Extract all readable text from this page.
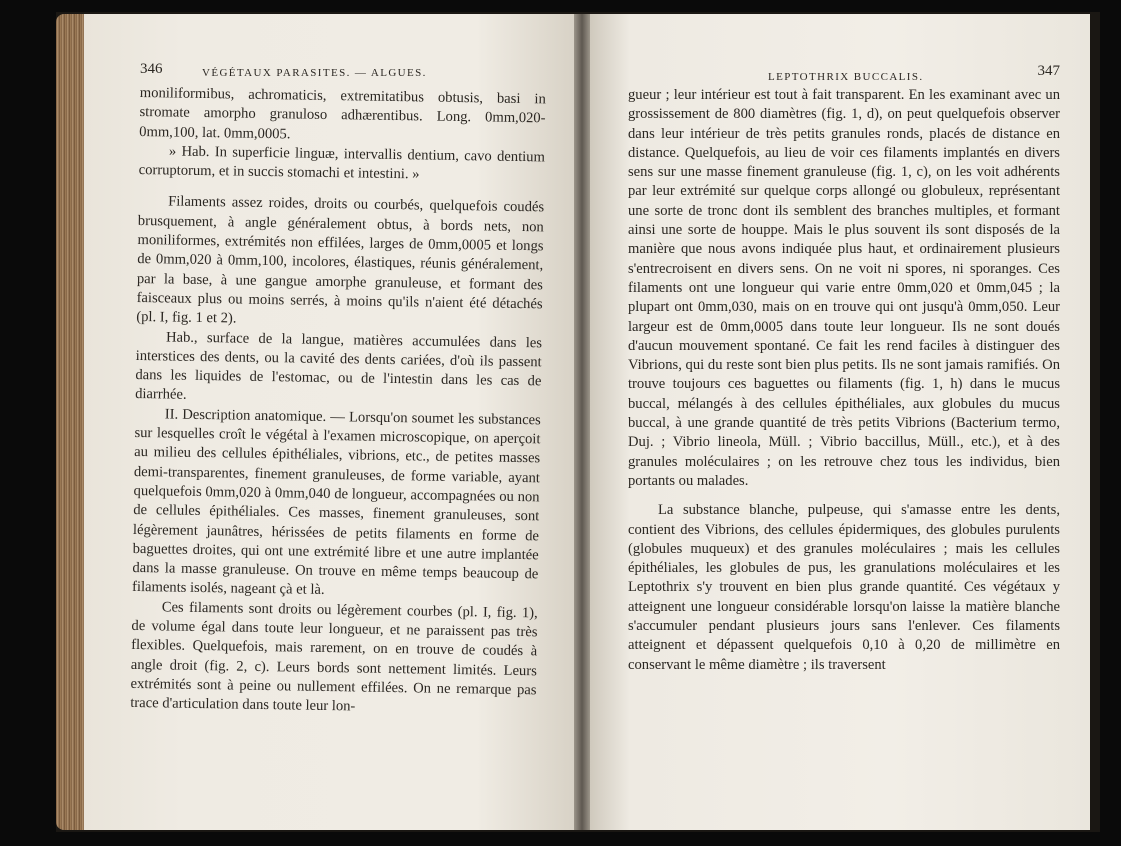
346	VÉGÉTAUX PARASITES. — ALGUES.

moniliformibus, achromaticis, extremitatibus obtusis, basi in stromate amorpho granuloso adhærentibus. Long. 0mm,020-0mm,100, lat. 0mm,0005.

» Hab. In superficie linguæ, intervallis dentium, cavo dentium corruptorum, et in succis stomachi et intestini. »

Filaments assez roides, droits ou courbés, quelquefois coudés brusquement, à angle généralement obtus, à bords nets, non moniliformes, extrémités non effilées, larges de 0mm,0005 et longs de 0mm,020 à 0mm,100, incolores, élastiques, réunis généralement, par la base, à une gangue amorphe granuleuse, et formant des faisceaux plus ou moins serrés, à moins qu'ils n'aient été détachés (pl. I, fig. 1 et 2).

Hab., surface de la langue, matières accumulées dans les interstices des dents, ou la cavité des dents cariées, d'où ils passent dans les liquides de l'estomac, ou de l'intestin dans les cas de diarrhée.

II. Description anatomique. — Lorsqu'on soumet les substances sur lesquelles croît le végétal à l'examen microscopique, on aperçoit au milieu des cellules épithéliales, vibrions, etc., de petites masses demi-transparentes, finement granuleuses, de forme variable, ayant quelquefois 0mm,020 à 0mm,040 de longueur, accompagnées ou non de cellules épithéliales. Ces masses, finement granuleuses, sont légèrement jaunâtres, hérissées de petits filaments en forme de baguettes droites, qui ont une extrémité libre et une autre implantée dans la masse granuleuse. On trouve en même temps beaucoup de filaments isolés, nageant çà et là.

Ces filaments sont droits ou légèrement courbes (pl. I, fig. 1), de volume égal dans toute leur longueur, et ne paraissent pas très flexibles. Quelquefois, mais rarement, on en trouve de coudés à angle droit (fig. 2, c). Leurs bords sont nettement limités. Leurs extrémités sont à peine ou nullement effilées. On ne remarque pas trace d'articulation dans toute leur lon-

LEPTOTHRIX BUCCALIS.	347

gueur ; leur intérieur est tout à fait transparent. En les examinant avec un grossissement de 800 diamètres (fig. 1, d), on peut quelquefois observer dans leur intérieur de très petits granules ronds, placés de distance en distance. Quelquefois, au lieu de voir ces filaments implantés en divers sens sur une masse finement granuleuse (fig. 1, c), on les voit adhérents par leur extrémité sur quelque corps allongé ou globuleux, représentant une sorte de tronc dont ils semblent des branches multiples, et formant ainsi une sorte de houppe. Mais le plus souvent ils sont disposés de la manière que nous avons indiquée plus haut, et ordinairement plusieurs s'entrecroisent en divers sens. On ne voit ni spores, ni sporanges. Ces filaments ont une longueur qui varie entre 0mm,020 et 0mm,045 ; la plupart ont 0mm,030, mais on en trouve qui ont jusqu'à 0mm,050. Leur largeur est de 0mm,0005 dans toute leur longueur. Ils ne sont doués d'aucun mouvement spontané. Ce fait les rend faciles à distinguer des Vibrions, qui du reste sont bien plus petits. Ils ne sont jamais ramifiés. On trouve toujours ces baguettes ou filaments (fig. 1, h) dans le mucus buccal, mélangés à des cellules épithéliales, aux globules du mucus buccal, à une grande quantité de très petits Vibrions (Bacterium termo, Duj. ; Vibrio lineola, Müll. ; Vibrio baccillus, Müll., etc.), et à des granules moléculaires ; on les retrouve chez tous les individus, bien portants ou malades.

La substance blanche, pulpeuse, qui s'amasse entre les dents, contient des Vibrions, des cellules épidermiques, des globules purulents (globules muqueux) et des granules moléculaires ; mais les cellules épithéliales, les globules de pus, les granulations moléculaires et les Leptothrix s'y trouvent en bien plus grande quantité. Ces végétaux y atteignent une longueur considérable lorsqu'on laisse la matière blanche s'accumuler pendant plusieurs jours sans l'enlever. Ces filaments atteignent et dépassent quelquefois 0,10 à 0,20 de millimètre en conservant le même diamètre ; ils traversent
